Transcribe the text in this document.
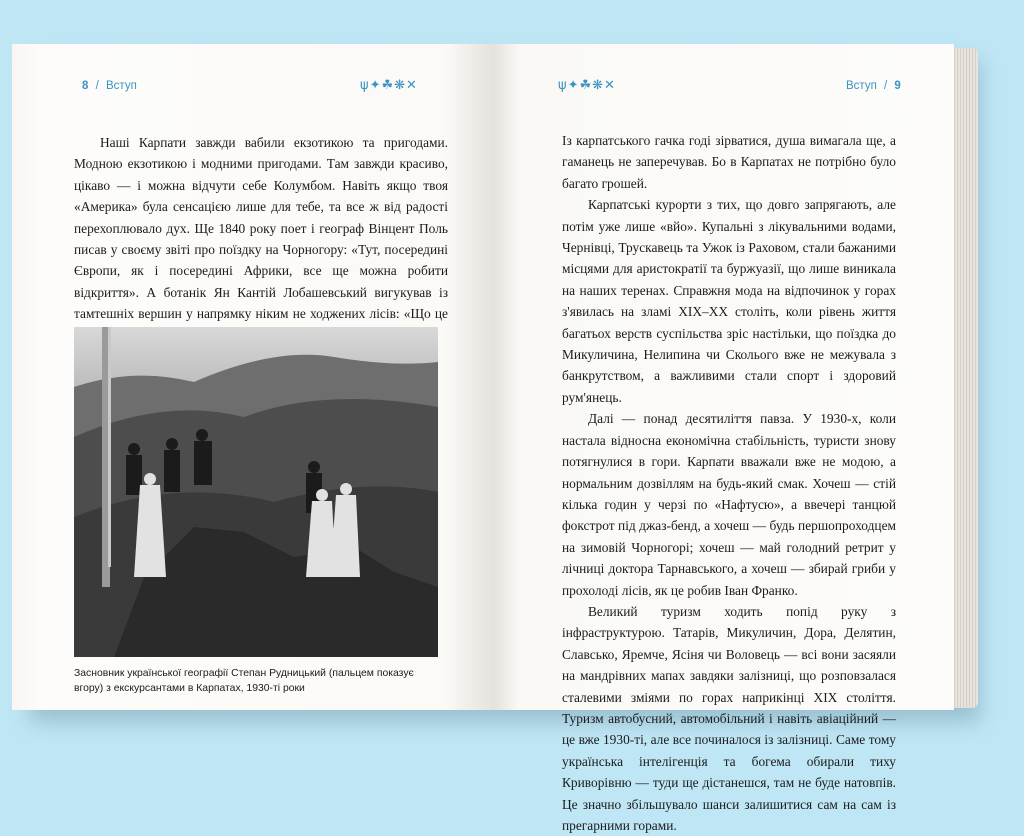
8 / Вступ	ψ✦☘❋✕

Наші Карпати завжди вабили екзотикою та пригодами. Модною екзотикою і модними пригодами. Там завжди красиво, цікаво — і можна відчути себе Колумбом. Навіть якщо твоя «Америка» була сенсацією лише для тебе, та все ж від радості перехоплювало дух. Ще 1840 року поет і географ Вінцент Поль писав у своєму звіті про поїздку на Чорногору: «Тут, посередині Європи, як і посередині Африки, все ще можна робити відкриття». А ботанік Ян Кантій Лобашевський вигукував із тамтешніх вершин у напрямку ніким не ходжених лісів: «Що це

Засновник української географії Степан Рудницький (пальцем показує вгору) з екскурсантами в Карпатах, 1930-ті роки
ψ✦☘❋✕	Вступ / 9

Із карпатського гачка годі зірватися, душа вимагала ще, а гаманець не заперечував. Бо в Карпатах не потрібно було багато грошей.

Карпатські курорти з тих, що довго запрягають, але потім уже лише «вйо». Купальні з лікувальними водами, Чернівці, Трускавець та Ужок із Раховом, стали бажаними місцями для аристократії та буржуазії, що лише виникала на наших теренах. Справжня мода на відпочинок у горах з'явилась на зламі XIX–XX століть, коли рівень життя багатьох верств суспільства зріс настільки, що поїздка до Микуличина, Нелипина чи Сколього вже не межувала з банкрутством, а важливими стали спорт і здоровий рум'янець.

Далі — понад десятиліття павза. У 1930-х, коли настала відносна економічна стабільність, туристи знову потягнулися в гори. Карпати вважали вже не модою, а нормальним дозвіллям на будь-який смак. Хочеш — стій кілька годин у черзі по «Нафтусю», а ввечері танцюй фокстрот під джаз-бенд, а хочеш — будь першопроходцем на зимовій Чорногорі; хочеш — май голодний ретрит у лічниці доктора Тарнавського, а хочеш — збирай гриби у прохолоді лісів, як це робив Іван Франко.

Великий туризм ходить попід руку з інфраструктурою. Татарів, Микуличин, Дора, Делятин, Славсько, Яремче, Ясіня чи Воловець — всі вони засяяли на мандрівних мапах завдяки залізниці, що розповзалася сталевими зміями по горах наприкінці XIX століття. Туризм автобусний, автомобільний і навіть авіаційний — це вже 1930-ті, але все починалося із залізниці. Саме тому українська інтелігенція та богема обирали тиху Криворівню — туди ще дістанешся, там не буде натовпів. Це значно збільшувало шанси залишитися сам на сам із прегарними горами.
